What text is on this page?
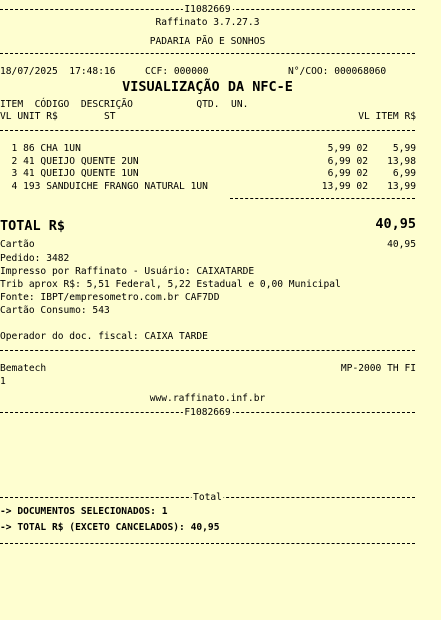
I1082669
Raffinato 3.7.27.3
PADARIA PÃO E SONHOS
18/07/2025  17:48:16	CCF: 000000	N°/COO: 000068060
VISUALIZAÇÃO DA NFC-E
ITEM  CÓDIGO  DESCRIÇÃO           QTD.  UN.
VL UNIT R$        ST	VL ITEM R$
1 86 CHA 1UN	5,99 02	5,99
2 41 QUEIJO QUENTE 2UN	6,99 02 13,98
3 41 QUEIJO QUENTE 1UN	6,99 02	6,99
4 193 SANDUICHE FRANGO NATURAL 1UN	13,99 02 13,99
TOTAL R$	40,95
Cartão	40,95
Pedido: 3482
Impresso por Raffinato - Usuário: CAIXATARDE
Trib aprox R$: 5,51 Federal, 5,22 Estadual e 0,00 Municipal
Fonte: IBPT/empresometro.com.br CAF7DD
Cartão Consumo: 543
Operador do doc. fiscal: CAIXA TARDE
Bematech	MP-2000 TH FI
1
www.raffinato.inf.br
F1082669
Total
-> DOCUMENTOS SELECIONADOS: 1
-> TOTAL R$ (EXCETO CANCELADOS): 40,95
